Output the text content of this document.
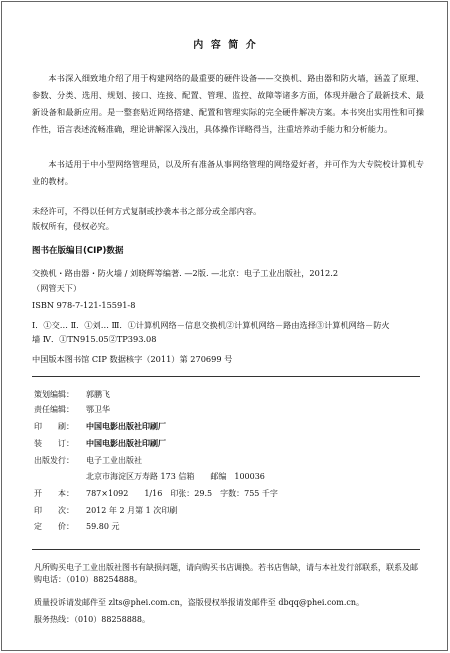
内 容 简 介

本书深入细致地介绍了用于构建网络的最重要的硬件设备——交换机、路由器和防火墙，涵盖了原理、参数、分类、选用、规划、接口、连接、配置、管理、监控、故障等诸多方面，体现并融合了最新技术、最新设备和最新应用。是一整套贴近网络搭建、配置和管理实际的完全硬件解决方案。本书突出实用性和可操作性，语言表述流畅准确，理论讲解深入浅出，具体操作详略得当，注重培养动手能力和分析能力。

本书适用于中小型网络管理员，以及所有准备从事网络管理的网络爱好者，并可作为大专院校计算机专业的教材。

未经许可，不得以任何方式复制或抄袭本书之部分或全部内容。
版权所有，侵权必究。
图书在版编目(CIP)数据
交换机・路由器・防火墙 / 刘晓辉等编著. —2版. —北京：电子工业出版社，2012.2
（网管天下）
ISBN 978-7-121-15591-8
Ⅰ．①交… Ⅱ．①刘… Ⅲ．①计算机网络－信息交换机②计算机网络－路由选择③计算机网络－防火
墙 Ⅳ．①TN915.05②TP393.08
中国版本图书馆 CIP 数据核字（2011）第 270699 号
策划编辑： 郭鹏飞
责任编辑： 鄂卫华
印　　刷： 中国电影出版社印刷厂
装　　订： 中国电影出版社印刷厂
出版发行： 电子工业出版社
北京市海淀区万寿路 173 信箱　　邮编　100036
开　　本： 787×1092　　1/16　印张：29.5　字数：755 千字
印　　次： 2012 年 2 月第 1 次印刷
定　　价： 59.80 元
凡所购买电子工业出版社图书有缺损问题，请向购买书店调换。若书店售缺，请与本社发行部联系，联系及邮购电话：（010）88254888。
质量投诉请发邮件至 zlts@phei.com.cn，盗版侵权举报请发邮件至 dbqq@phei.com.cn。
服务热线：（010）88258888。
